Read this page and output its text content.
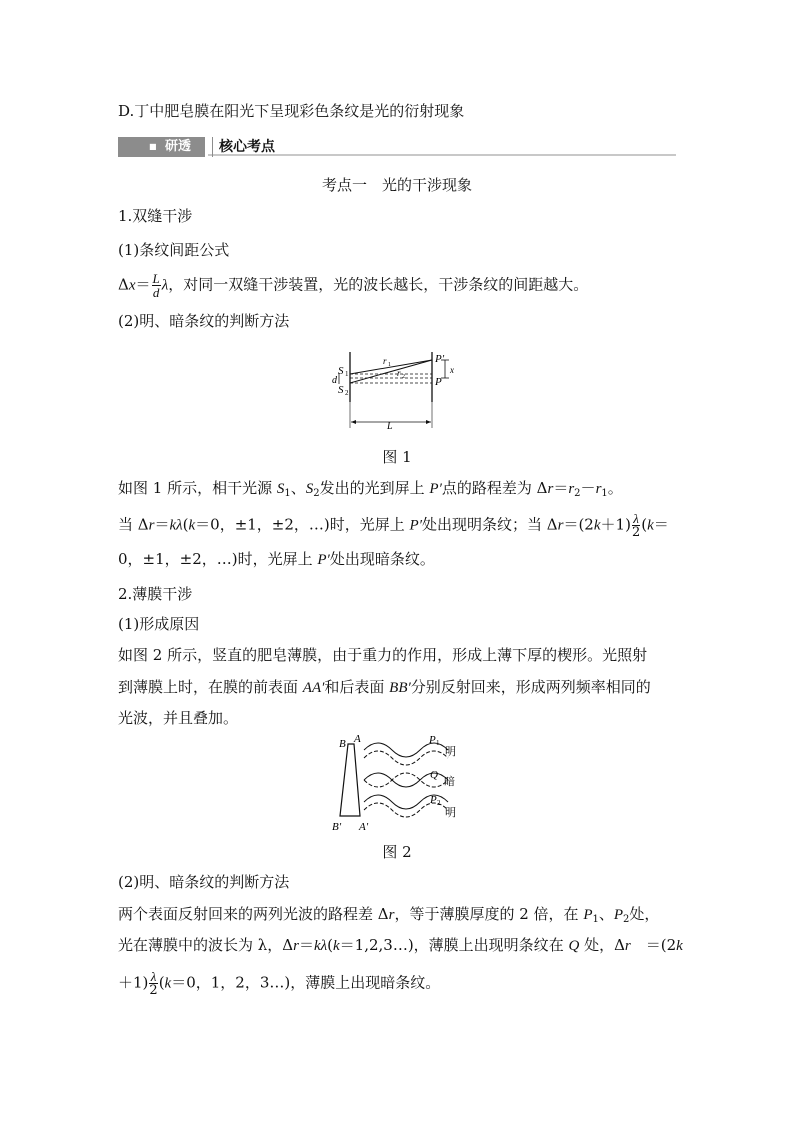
D.丁中肥皂膜在阳光下呈现彩色条纹是光的衍射现象
■ 研透	核心考点
考点一　光的干涉现象
1.双缝干涉
(1)条纹间距公式
$\Delta x= \frac{L}{d}$ λ，对同一双缝干涉装置，光的波长越长，干涉条纹的间距越大。
(2)明、暗条纹的判断方法
S 1
S 2
d
r 1
r 2
P′
P
x
L
图 1
如图 1 所示，相干光源 $S_1$、$S_2$发出的光到屏上 P′点的路程差为 $\Delta r=r_2-r_1$。
当 Δr＝kλ(k＝0，±1，±2，…)时，光屏上 P′处出现明条纹；当 $\Delta r=(2k+1) \frac{\lambda}{2} (k=$
0，±1，±2，…)时，光屏上 P′处出现暗条纹。
2.薄膜干涉
(1)形成原因
如图 2 所示，竖直的肥皂薄膜，由于重力的作用，形成上薄下厚的楔形。光照射
到薄膜上时，在膜的前表面 AA′和后表面 BB′分别反射回来，形成两列频率相同的
光波，并且叠加。
B A
B′ A′
P 1
明
Q
暗
P 2
明
图 2
(2)明、暗条纹的判断方法
两个表面反射回来的两列光波的路程差 Δr，等于薄膜厚度的 2 倍，在 $P_1$、$P_2$处，
光在薄膜中的波长为 λ，Δr＝kλ(k＝1,2,3…)，薄膜上出现明条纹在 Q 处，Δr　＝(2k
$+1) \frac{\lambda}{2} (k=0$，1，2，3…)，薄膜上出现暗条纹。
